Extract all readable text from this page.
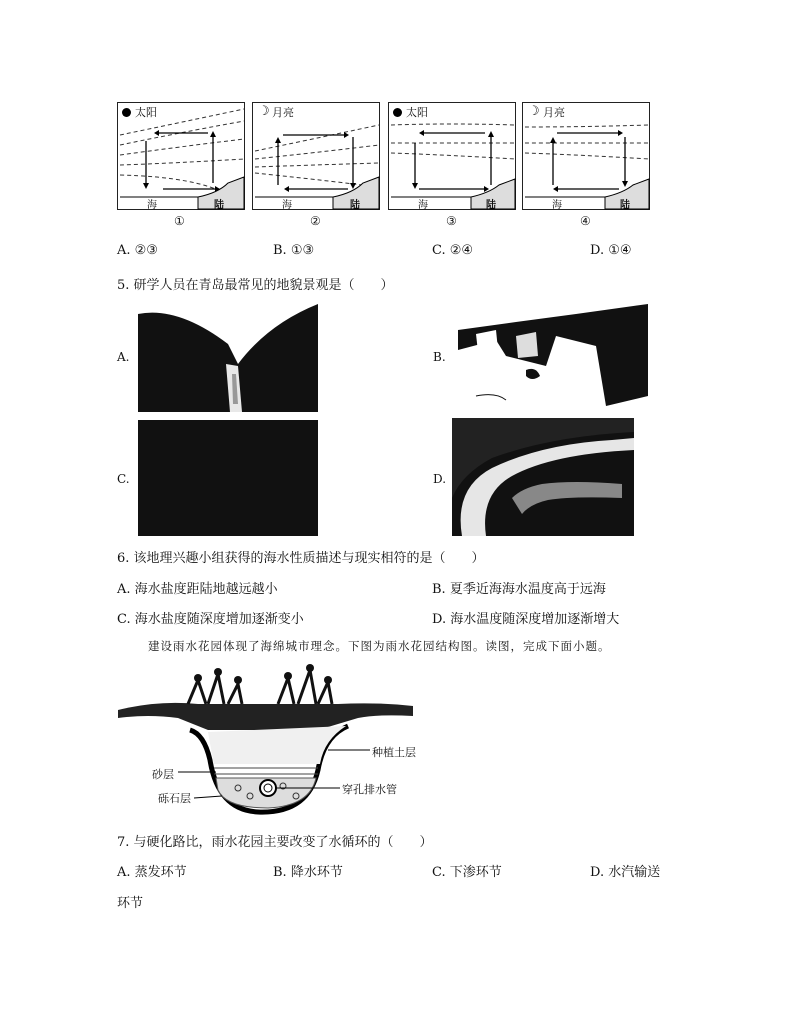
太阳
海	陆
①
☽ 月亮
海	陆
②
太阳
海	陆
③
☽ 月亮
海	陆
④
A. ②③	B. ①③	C. ②④	D. ①④
5. 研学人员在青岛最常见的地貌景观是（　　）
A.	B.
C.	D.
6. 该地理兴趣小组获得的海水性质描述与现实相符的是（　　）
A. 海水盐度距陆地越远越小	B. 夏季近海海水温度高于远海
C. 海水盐度随深度增加逐渐变小	D. 海水温度随深度增加逐渐增大
建设雨水花园体现了海绵城市理念。下图为雨水花园结构图。读图，完成下面小题。
种植土层
砂层
砾石层
穿孔排水管
7. 与硬化路比，雨水花园主要改变了水循环的（　　）
A. 蒸发环节	B. 降水环节	C. 下渗环节	D. 水汽输送
环节
